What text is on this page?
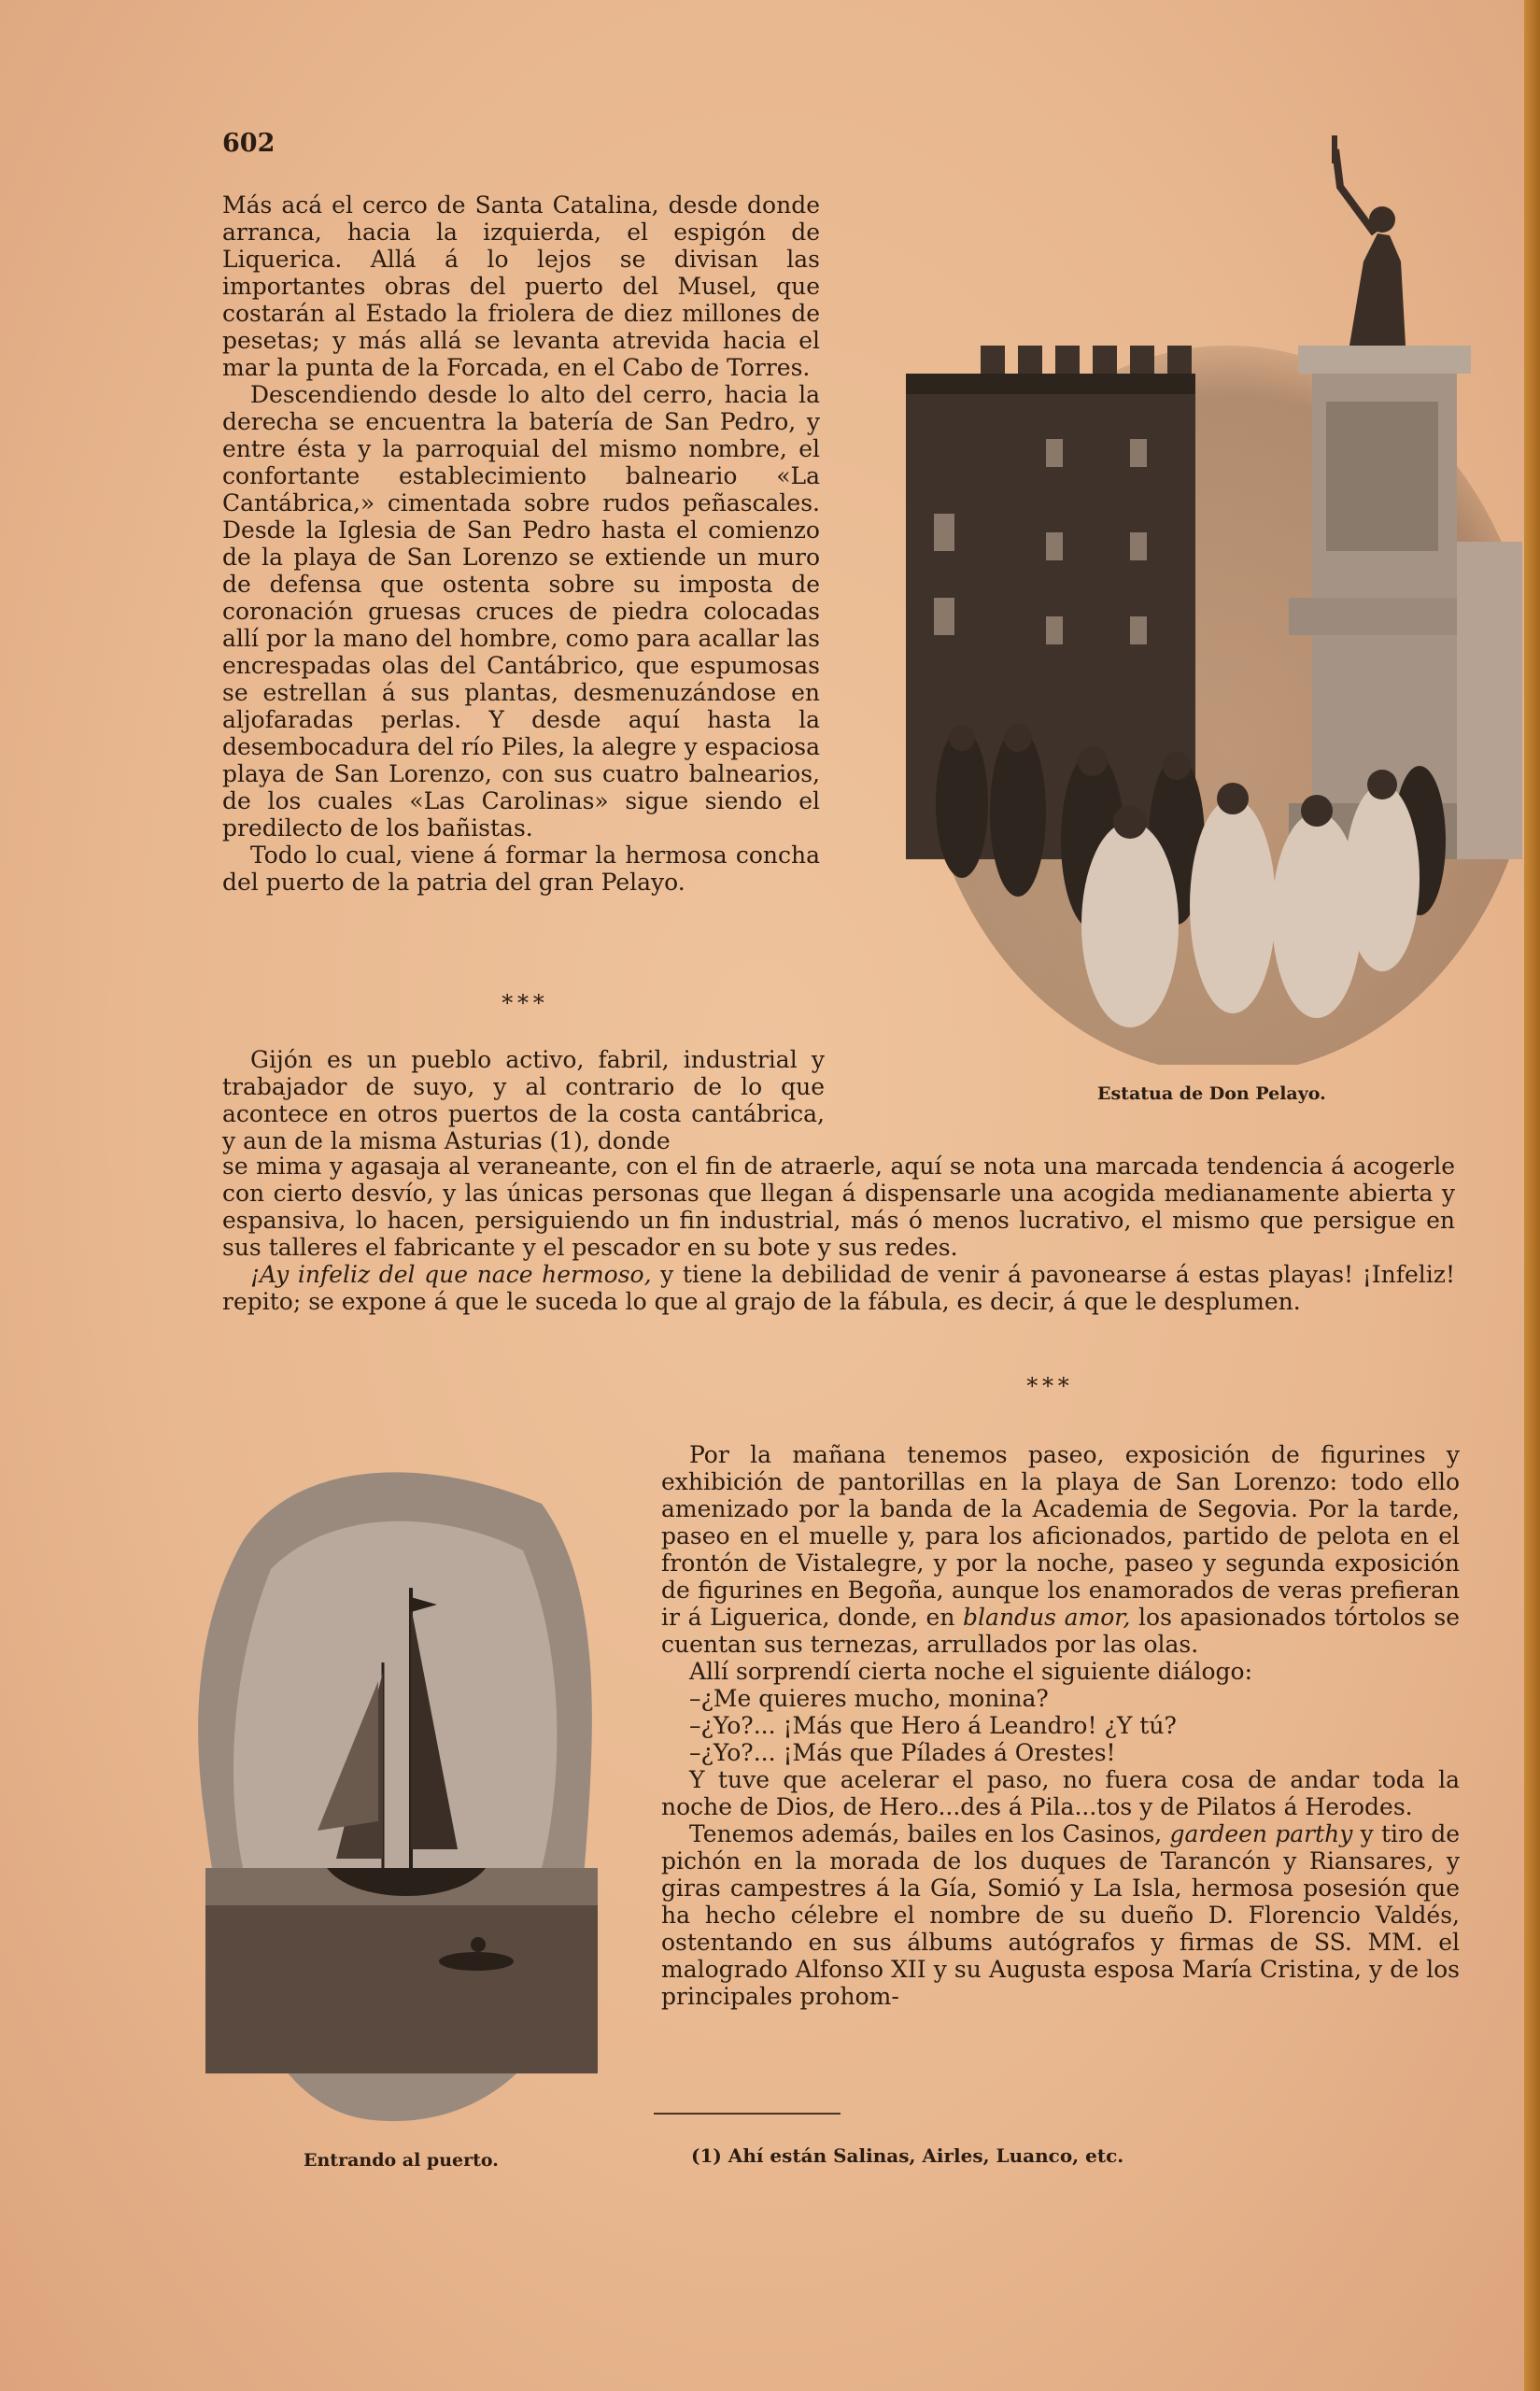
602

Más acá el cerco de Santa Catalina, desde donde arranca, hacia la izquierda, el espigón de Liquerica. Allá á lo lejos se divisan las importantes obras del puerto del Musel, que costarán al Estado la friolera de diez millones de pesetas; y más allá se levanta atrevida hacia el mar la punta de la Forcada, en el Cabo de Torres.

Descendiendo desde lo alto del cerro, hacia la derecha se encuentra la batería de San Pedro, y entre ésta y la parroquial del mismo nombre, el confortante establecimiento balneario «La Cantábrica,» cimentada sobre rudos peñascales. Desde la Iglesia de San Pedro hasta el comienzo de la playa de San Lorenzo se extiende un muro de defensa que ostenta sobre su imposta de coronación gruesas cruces de piedra colocadas allí por la mano del hombre, como para acallar las encrespadas olas del Cantábrico, que espumosas se estrellan á sus plantas, desmenuzándose en aljofaradas perlas. Y desde aquí hasta la desembocadura del río Piles, la alegre y espaciosa playa de San Lorenzo, con sus cuatro balnearios, de los cuales «Las Carolinas» sigue siendo el predilecto de los bañistas.

Todo lo cual, viene á formar la hermosa concha del puerto de la patria del gran Pelayo.

Estatua de Don Pelayo.
* * *

Gijón es un pueblo activo, fabril, industrial y trabajador de suyo, y al contrario de lo que acontece en otros puertos de la costa cantábrica, y aun de la misma Asturias (1), donde

se mima y agasaja al veraneante, con el fin de atraerle, aquí se nota una marcada tendencia á acogerle con cierto desvío, y las únicas personas que llegan á dispensarle una acogida medianamente abierta y espansiva, lo hacen, persiguiendo un fin industrial, más ó menos lucrativo, el mismo que persigue en sus talleres el fabricante y el pescador en su bote y sus redes.

¡Ay infeliz del que nace hermoso, y tiene la debilidad de venir á pavonearse á estas playas! ¡Infeliz! repito; se expone á que le suceda lo que al grajo de la fábula, es decir, á que le desplumen.

* * *
Entrando al puerto.

Por la mañana tenemos paseo, exposición de figurines y exhibición de pantorillas en la playa de San Lorenzo: todo ello amenizado por la banda de la Academia de Segovia. Por la tarde, paseo en el muelle y, para los aficionados, partido de pelota en el frontón de Vistalegre, y por la noche, paseo y segunda exposición de figurines en Begoña, aunque los enamorados de veras prefieran ir á Liguerica, donde, en blandus amor, los apasionados tórtolos se cuentan sus ternezas, arrullados por las olas.

Allí sorprendí cierta noche el siguiente diálogo:

–¿Me quieres mucho, monina?

–¿Yo?... ¡Más que Hero á Leandro! ¿Y tú?

–¿Yo?... ¡Más que Pílades á Orestes!

Y tuve que acelerar el paso, no fuera cosa de andar toda la noche de Dios, de Hero...des á Pila...tos y de Pilatos á Herodes.

Tenemos además, bailes en los Casinos, gardeen parthy y tiro de pichón en la morada de los duques de Tarancón y Riansares, y giras campestres á la Gía, Somió y La Isla, hermosa posesión que ha hecho célebre el nombre de su dueño D. Florencio Valdés, ostentando en sus álbums autógrafos y firmas de SS. MM. el malogrado Alfonso XII y su Augusta esposa María Cristina, y de los principales prohom-

(1) Ahí están Salinas, Airles, Luanco, etc.
